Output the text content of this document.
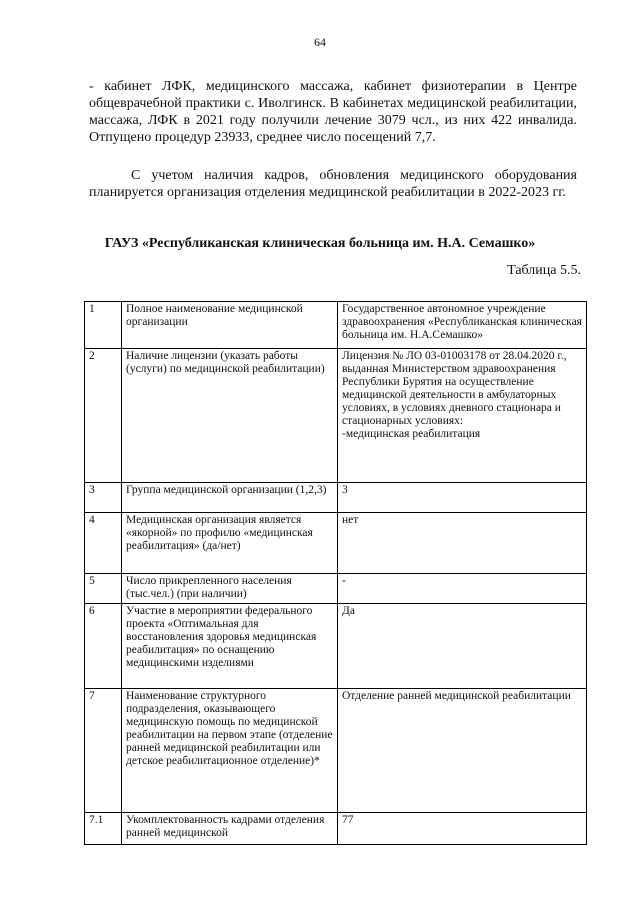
64

- кабинет ЛФК, медицинского массажа, кабинет физиотерапии в Центре общеврачебной практики с. Иволгинск. В кабинетах медицинской реабилитации, массажа, ЛФК в 2021 году получили лечение 3079 чсл., из них 422 инвалида. Отпущено процедур 23933, среднее число посещений 7,7.

С учетом наличия кадров, обновления медицинского оборудования планируется организация отделения медицинской реабилитации в 2022-2023 гг.

ГАУЗ «Республиканская клиническая больница им. Н.А. Семашко»

Таблица 5.5.

1	Полное наименование медицинской организации	Государственное автономное учреждение здравоохранения «Республиканская клиническая больница им. Н.А.Семашко»
2	Наличие лицензии (указать работы (услуги) по медицинской реабилитации)	Лицензия № ЛО 03-01003178 от 28.04.2020 г., выданная Министерством здравоохранения Республики Бурятия на осуществление медицинской деятельности в амбулаторных условиях, в условиях дневного стационара и стационарных условиях:
-медицинская реабилитация
3	Группа медицинской организации (1,2,3)	3
4	Медицинская организация является «якорной» по профилю «медицинская реабилитация» (да/нет)	нет
5	Число прикрепленного населения (тыс.чел.) (при наличии)	-
6	Участие в мероприятии федерального проекта «Оптимальная для восстановления здоровья медицинская реабилитация» по оснащению медицинскими изделиями	Да
7	Наименование структурного подразделения, оказывающего медицинскую помощь по медицинской реабилитации на первом этапе (отделение ранней медицинской реабилитации или детское реабилитационное отделение)*	Отделение ранней медицинской реабилитации
7.1	Укомплектованность кадрами отделения ранней медицинской	77
